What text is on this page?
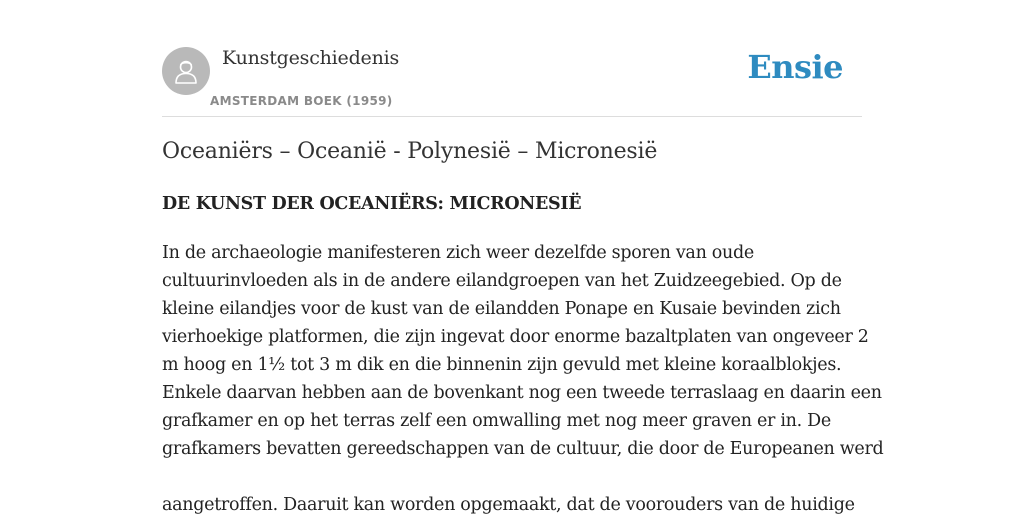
Kunstgeschiedenis
AMSTERDAM BOEK (1959)
Ensie
Oceaniërs – Oceanië - Polynesië – Micronesië
DE KUNST DER OCEANIËRS: MICRONESIË
In de archaeologie manifesteren zich weer dezelfde sporen van oude
cultuurinvloeden als in de andere eilandgroepen van het Zuidzeegebied. Op de
kleine eilandjes voor de kust van de eilandden Ponape en Kusaie bevinden zich
vierhoekige platformen, die zijn ingevat door enorme bazaltplaten van ongeveer 2
m hoog en 1½ tot 3 m dik en die binnenin zijn gevuld met kleine koraalblokjes.
Enkele daarvan hebben aan de bovenkant nog een tweede terraslaag en daarin een
grafkamer en op het terras zelf een omwalling met nog meer graven er in. De
grafkamers bevatten gereedschappen van de cultuur, die door de Europeanen werd
aangetroffen. Daaruit kan worden opgemaakt, dat de voorouders van de huidige
